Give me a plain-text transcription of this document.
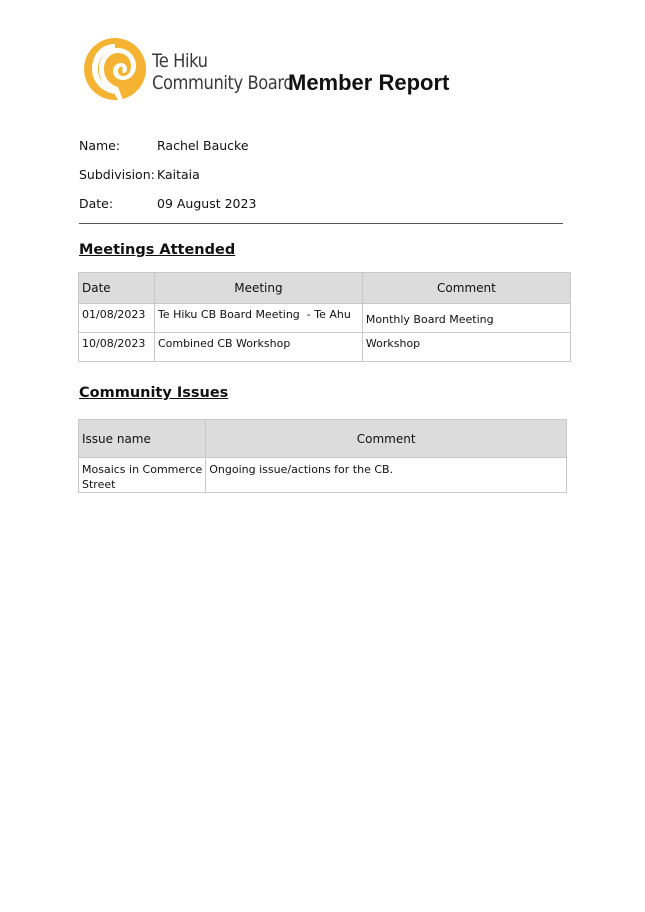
Te Hiku
Community Board
Member Report
Name:	Rachel Baucke
Subdivision: Kaitaia
Date:	09 August 2023
Meetings Attended
Date	Meeting	Comment
01/08/2023	Te Hiku CB Board Meeting  - Te Ahu	Monthly Board Meeting
10/08/2023	Combined CB Workshop	Workshop
Community Issues
Issue name	Comment

Mosaics in Commerce
Street	Ongoing issue/actions for the CB.
